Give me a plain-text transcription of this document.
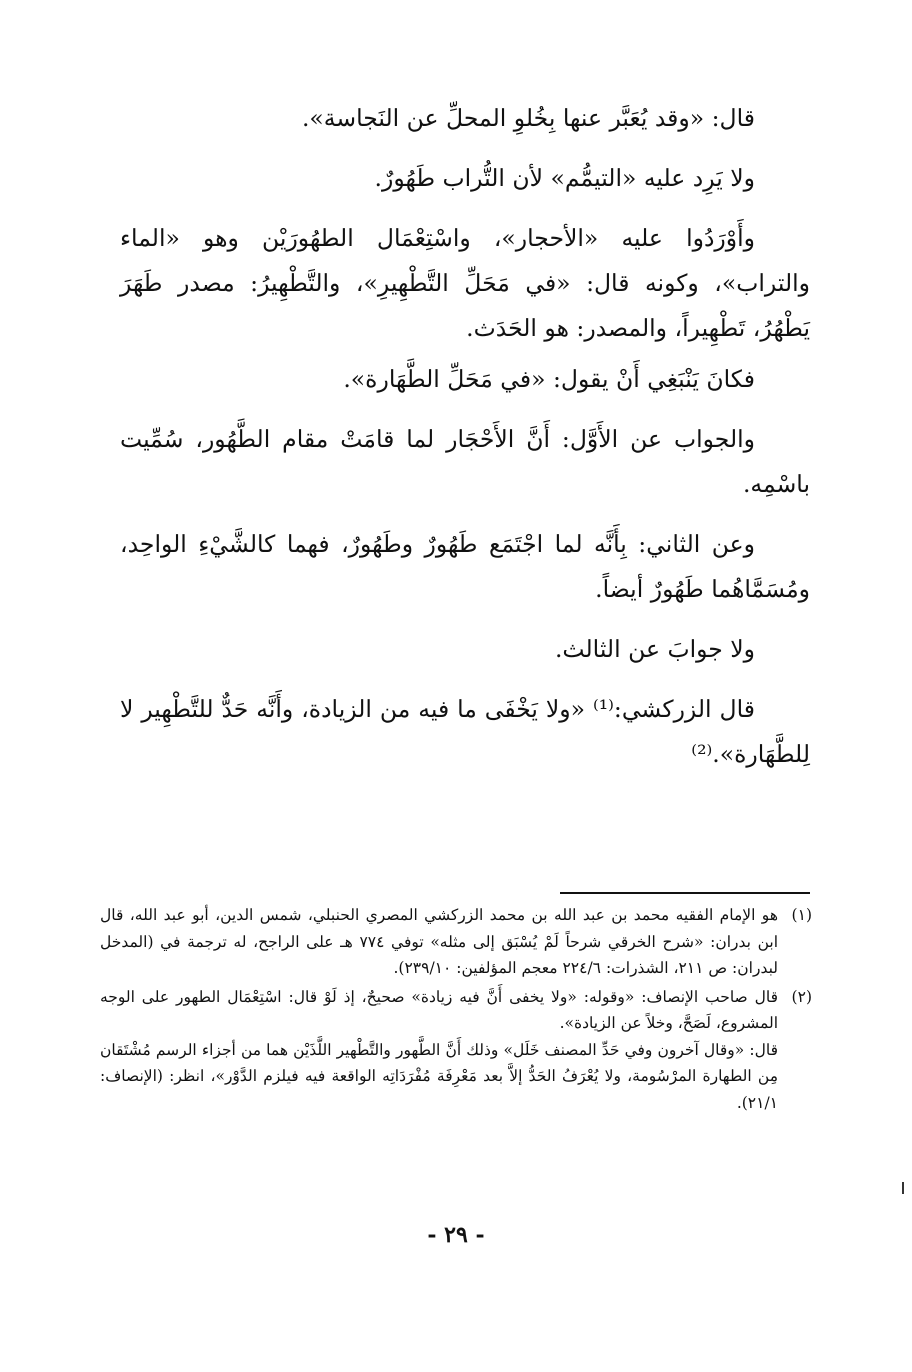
قال: «وقد يُعَبَّر عنها بِخُلوِ المحلِّ عن النَجاسة».

ولا يَرِد عليه «التيمُّم» لأن التُّراب طَهُورٌ.

وأَوْرَدُوا عليه «الأحجار»، واسْتِعْمَال الطهُورَيْن وهو «الماء والتراب»، وكونه قال: «في مَحَلِّ التَّطْهِيرِ»، والتَّطْهِيرُ: مصدر طَهَرَ يَطْهُرُ، تَطْهِيراً، والمصدر: هو الحَدَث.

فكانَ يَنْبَغِي أَنْ يقول: «في مَحَلِّ الطَّهَارة».

والجواب عن الأَوَّل: أَنَّ الأَحْجَار لما قامَتْ مقام الطَّهُور، سُمِّيت باسْمِه.

وعن الثاني: بِأَنَّه لما اجْتَمَع طَهُورٌ وطَهُورٌ، فهما كالشَّيْءِ الواحِد، ومُسَمَّاهُما طَهُورٌ أيضاً.

ولا جوابَ عن الثالث.

قال الزركشي:⁽¹⁾ «ولا يَخْفَى ما فيه من الزيادة، وأَنَّه حَدٌّ للتَّطْهِير لا لِلطَّهَارة».⁽²⁾

(١)
هو الإمام الفقيه محمد بن عبد الله بن محمد الزركشي المصري الحنبلي، شمس الدين، أبو عبد الله، قال ابن بدران: «شرح الخرقي شرحاً لَمْ يُسْبَق إلى مثله» توفي ٧٧٤ هـ على الراجح، له ترجمة في (المدخل لبدران: ص ٢١١، الشذرات: ٢٢٤/٦ معجم المؤلفين: ٢٣٩/١٠).
(٢)
قال صاحب الإنصاف: «وقوله: «ولا يخفى أَنَّ فيه زيادة» صحيحٌ، إذ لَوْ قال: اسْتِعْمَال الطهور على الوجه المشروع، لَصَحَّ، وخلاً عن الزيادة».
قال: «وقال آخرون وفي حَدِّ المصنف خَلَل» وذلك أَنَّ الطَّهور والتَّطْهير اللَّذَيْن هما من أجزاء الرسم مُشْتَقان مِن الطهارة المرْسُومة، ولا يُعْرَفُ الحَدُّ إلاَّ بعد مَعْرِفَة مُفْرَدَاتِه الواقعة فيه فيلزم الدَّوْر»، انظر: (الإنصاف: ٢١/١).
- ٢٩ -
